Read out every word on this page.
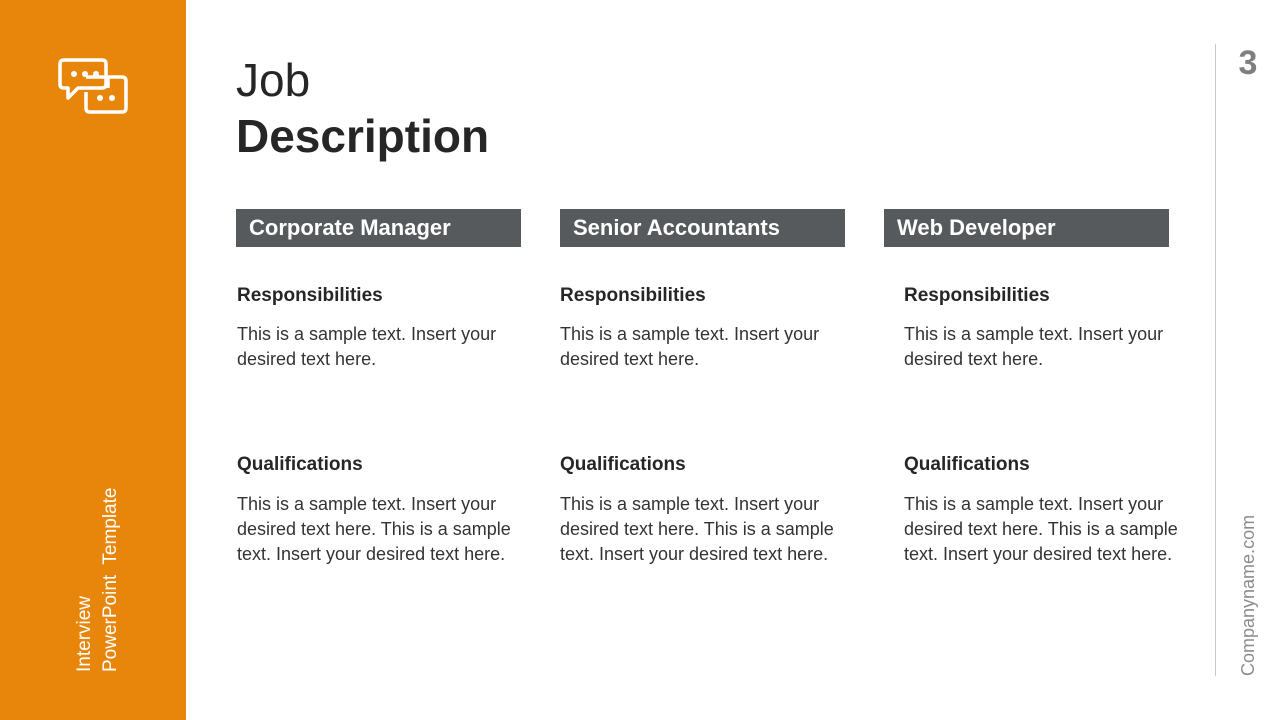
Interview PowerPoint  Template
Job
Description
3
Companyname.com
Corporate Manager
Responsibilities
This is a sample text. Insert your desired text here.
Qualifications
This is a sample text. Insert your desired text here. This is a sample text. Insert your desired text here.
Senior Accountants
Responsibilities
This is a sample text. Insert your desired text here.
Qualifications
This is a sample text. Insert your desired text here. This is a sample text. Insert your desired text here.
Web Developer
Responsibilities
This is a sample text. Insert your desired text here.
Qualifications
This is a sample text. Insert your desired text here. This is a sample text. Insert your desired text here.
